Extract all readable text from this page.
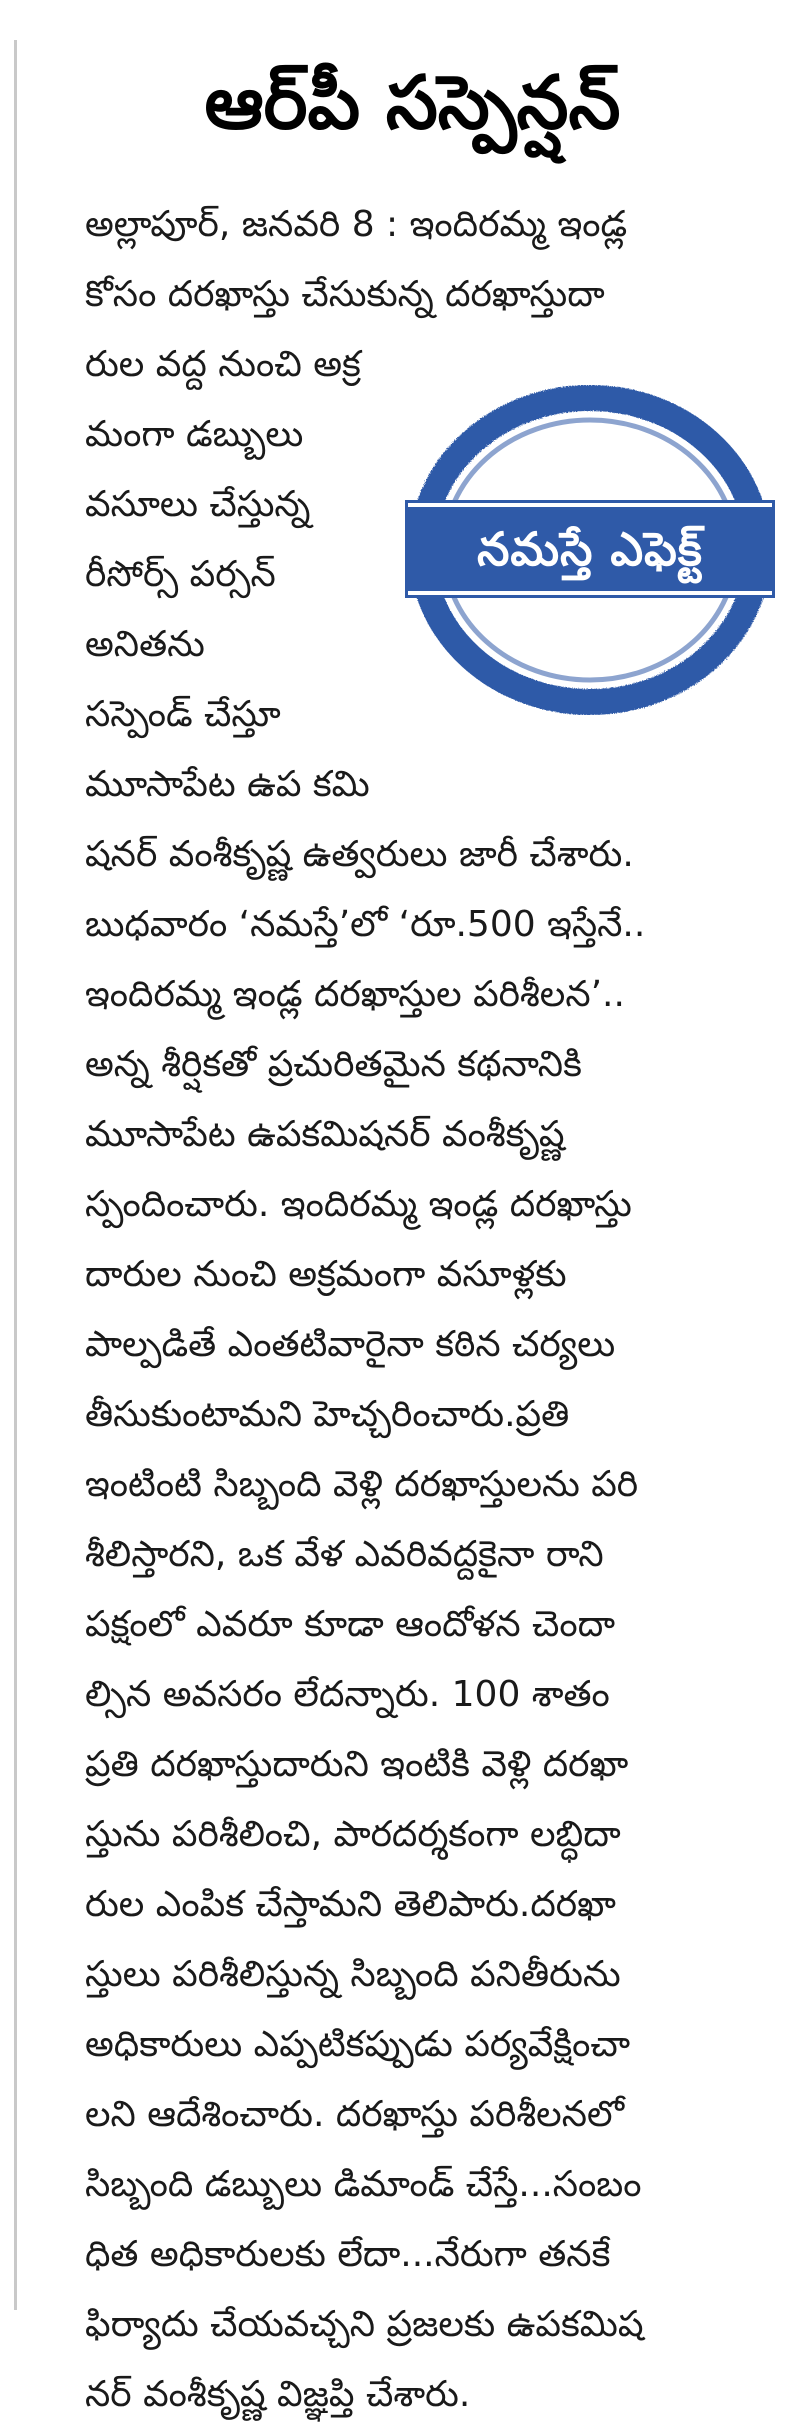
ఆర్‌పీ సస్పెన్షన్
నమస్తే ఎఫెక్ట్
అల్లాపూర్‌, జనవరి 8 : ఇందిరమ్మ ఇండ్ల
కోసం దరఖాస్తు చేసుకున్న దరఖాస్తుదా
రుల వద్ద నుంచి అక్ర
మంగా డబ్బులు
వసూలు చేస్తున్న
రీసోర్స్‌ పర్సన్‌
అనితను
సస్పెండ్‌ చేస్తూ
మూసాపేట ఉప కమి
షనర్‌ వంశీకృష్ణ ఉత్వరులు జారీ చేశారు.
బుధవారం ‘నమస్తే’లో ‘రూ.500 ఇస్తేనే..
ఇందిరమ్మ ఇండ్ల దరఖాస్తుల పరిశీలన’..
అన్న శీర్షికతో ప్రచురితమైన కథనానికి
మూసాపేట ఉపకమిషనర్‌ వంశీకృష్ణ
స్పందించారు. ఇందిరమ్మ ఇండ్ల దరఖాస్తు
దారుల నుంచి అక్రమంగా వసూళ్లకు
పాల్పడితే ఎంతటివారైనా కఠిన చర్యలు
తీసుకుంటామని హెచ్చరించారు.ప్రతి
ఇంటింటి సిబ్బంది వెళ్లి దరఖాస్తులను పరి
శీలిస్తారని, ఒక వేళ ఎవరివద్దకైనా రాని
పక్షంలో ఎవరూ కూడా ఆందోళన చెందా
ల్సిన అవసరం లేదన్నారు. 100 శాతం
ప్రతి దరఖాస్తుదారుని ఇంటికి వెళ్లి దరఖా
స్తును పరిశీలించి, పారదర్శకంగా లబ్ధిదా
రుల ఎంపిక చేస్తామని తెలిపారు.దరఖా
స్తులు పరిశీలిస్తున్న సిబ్బంది పనితీరును
అధికారులు ఎప్పటికప్పుడు పర్యవేక్షించా
లని ఆదేశించారు. దరఖాస్తు పరిశీలనలో
సిబ్బంది డబ్బులు డిమాండ్‌ చేస్తే...సంబం
ధిత అధికారులకు లేదా...నేరుగా తనకే
ఫిర్యాదు చేయవచ్చని ప్రజలకు ఉపకమిష
నర్‌ వంశీకృష్ణ విజ్ఞప్తి చేశారు.
